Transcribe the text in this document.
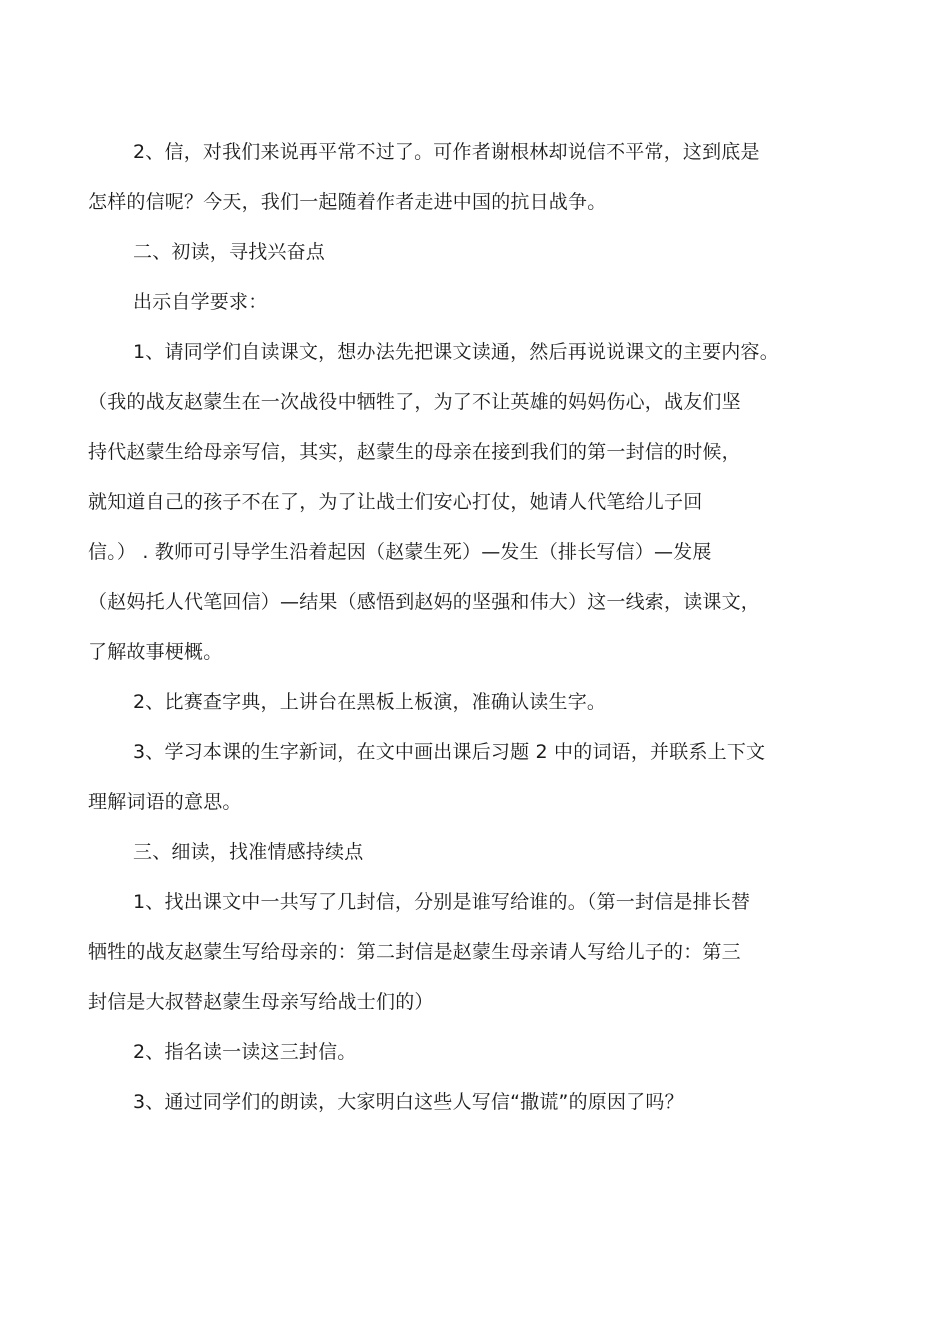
2、信，对我们来说再平常不过了。可作者谢根林却说信不平常，这到底是
怎样的信呢？今天，我们一起随着作者走进中国的抗日战争。
二、初读，寻找兴奋点
出示自学要求：
1、请同学们自读课文，想办法先把课文读通，然后再说说课文的主要内容。
（我的战友赵蒙生在一次战役中牺牲了，为了不让英雄的妈妈伤心，战友们坚
持代赵蒙生给母亲写信，其实，赵蒙生的母亲在接到我们的第一封信的时候，
就知道自己的孩子不在了，为了让战士们安心打仗，她请人代笔给儿子回
信。） . 教师可引导学生沿着起因（赵蒙生死）—发生（排长写信）—发展
（赵妈托人代笔回信）—结果（感悟到赵妈的坚强和伟大）这一线索，读课文，
了解故事梗概。
2、比赛查字典，上讲台在黑板上板演，准确认读生字。
3、学习本课的生字新词，在文中画出课后习题 2 中的词语，并联系上下文
理解词语的意思。
三、细读，找准情感持续点
1、找出课文中一共写了几封信，分别是谁写给谁的。（第一封信是排长替
牺牲的战友赵蒙生写给母亲的：第二封信是赵蒙生母亲请人写给儿子的：第三
封信是大叔替赵蒙生母亲写给战士们的）
2、指名读一读这三封信。
3、通过同学们的朗读，大家明白这些人写信“撒谎”的原因了吗？
